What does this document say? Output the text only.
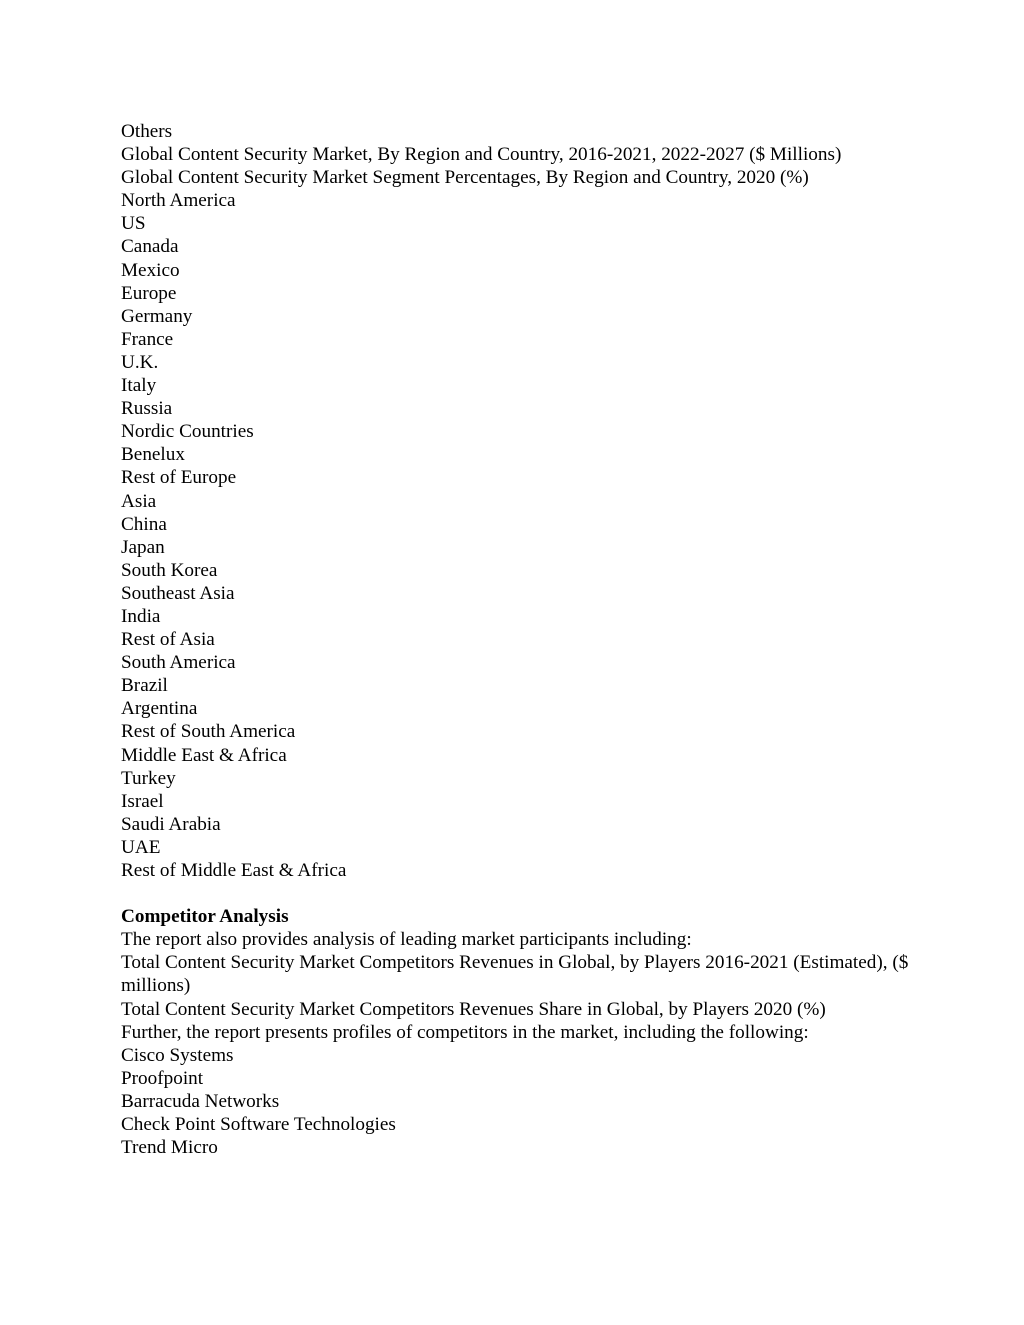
Others
Global Content Security Market, By Region and Country, 2016-2021, 2022-2027 ($ Millions)
Global Content Security Market Segment Percentages, By Region and Country, 2020 (%)
North America
US
Canada
Mexico
Europe
Germany
France
U.K.
Italy
Russia
Nordic Countries
Benelux
Rest of Europe
Asia
China
Japan
South Korea
Southeast Asia
India
Rest of Asia
South America
Brazil
Argentina
Rest of South America
Middle East & Africa
Turkey
Israel
Saudi Arabia
UAE
Rest of Middle East & Africa
Competitor Analysis
The report also provides analysis of leading market participants including:
Total Content Security Market Competitors Revenues in Global, by Players 2016-2021 (Estimated), ($ millions)
Total Content Security Market Competitors Revenues Share in Global, by Players 2020 (%)
Further, the report presents profiles of competitors in the market, including the following:
Cisco Systems
Proofpoint
Barracuda Networks
Check Point Software Technologies
Trend Micro
